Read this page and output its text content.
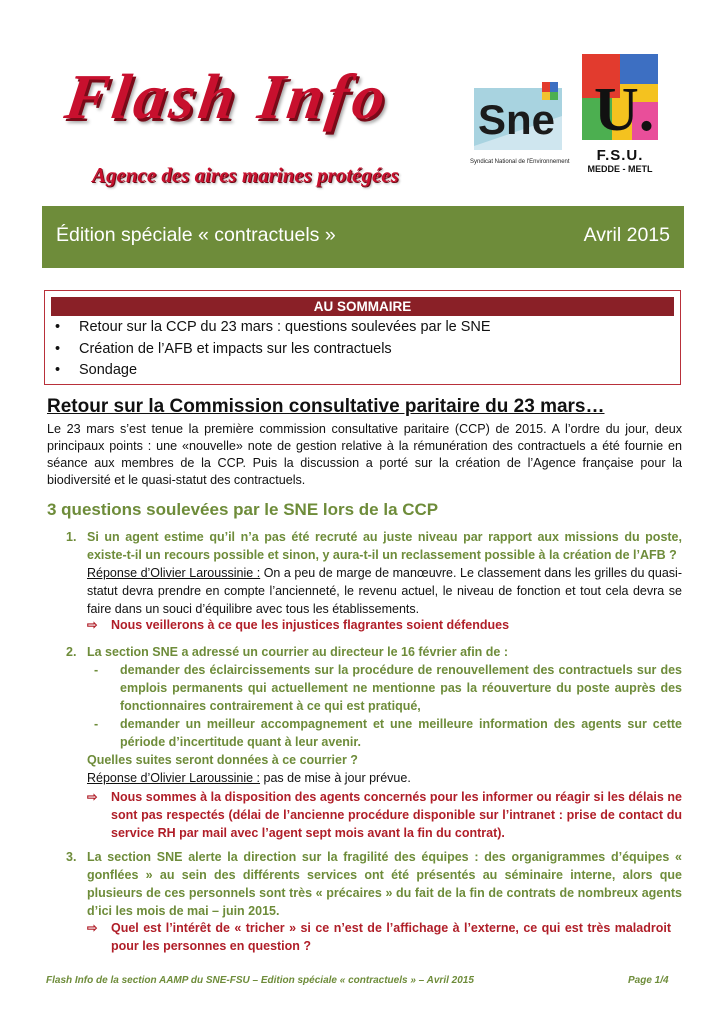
Flash Info
Agence des aires marines protégées
Sne
Syndicat National de l'Environnement
U.
F.S.U.
MEDDE - METL
Édition spéciale « contractuels »	Avril 2015
AU SOMMAIRE
• Retour sur la CCP du 23 mars : questions soulevées par le SNE
• Création de l’AFB et impacts sur les contractuels
• Sondage
Retour sur la Commission consultative paritaire du 23 mars…
Le 23 mars s’est tenue la première commission consultative paritaire (CCP) de 2015. A l’ordre du jour, deux principaux points : une «nouvelle» note de gestion relative à la rémunération des contractuels a été fournie en séance aux membres de la CCP. Puis la discussion a porté sur la création de l’Agence française pour la biodiversité et le quasi-statut des contractuels.
3 questions soulevées par le SNE lors de la CCP
1. Si un agent estime qu’il n’a pas été recruté au juste niveau par rapport aux missions du poste, existe-t-il un recours possible et sinon, y aura-t-il un reclassement possible à la création de l’AFB ?
Réponse d’Olivier Laroussinie : On a peu de marge de manœuvre. Le classement dans les grilles du quasi-statut devra prendre en compte l’ancienneté, le revenu actuel, le niveau de fonction et tout cela devra se faire dans un souci d’équilibre avec tous les établissements.
⇨ Nous veillerons à ce que les injustices flagrantes soient défendues
2. La section SNE a adressé un courrier au directeur le 16 février afin de :
-	demander des éclaircissements sur la procédure de renouvellement des contractuels sur des emplois permanents qui actuellement ne mentionne pas la réouverture du poste auprès des fonctionnaires contrairement à ce qui est pratiqué,
-	demander un meilleur accompagnement et une meilleure information des agents sur cette période d’incertitude quant à leur avenir.
Quelles suites seront données à ce courrier ?
Réponse d’Olivier Laroussinie : pas de mise à jour prévue.
⇨	Nous sommes à la disposition des agents concernés pour les informer ou réagir si les délais ne sont pas respectés (délai de l’ancienne procédure disponible sur l’intranet : prise de contact du service RH par mail avec l’agent sept mois avant la fin du contrat).
3. La section SNE alerte la direction sur la fragilité des équipes : des organigrammes d’équipes « gonflées » au sein des différents services ont été présentés au séminaire interne, alors que plusieurs de ces personnels sont très « précaires » du fait de la fin de contrats de nombreux agents d’ici les mois de mai – juin 2015.
⇨	Quel est l’intérêt de « tricher » si ce n’est de l’affichage à l’externe, ce qui est très maladroit pour les personnes en question ?
Flash Info de la section AAMP du SNE-FSU – Edition spéciale « contractuels » – Avril 2015	Page 1/4
